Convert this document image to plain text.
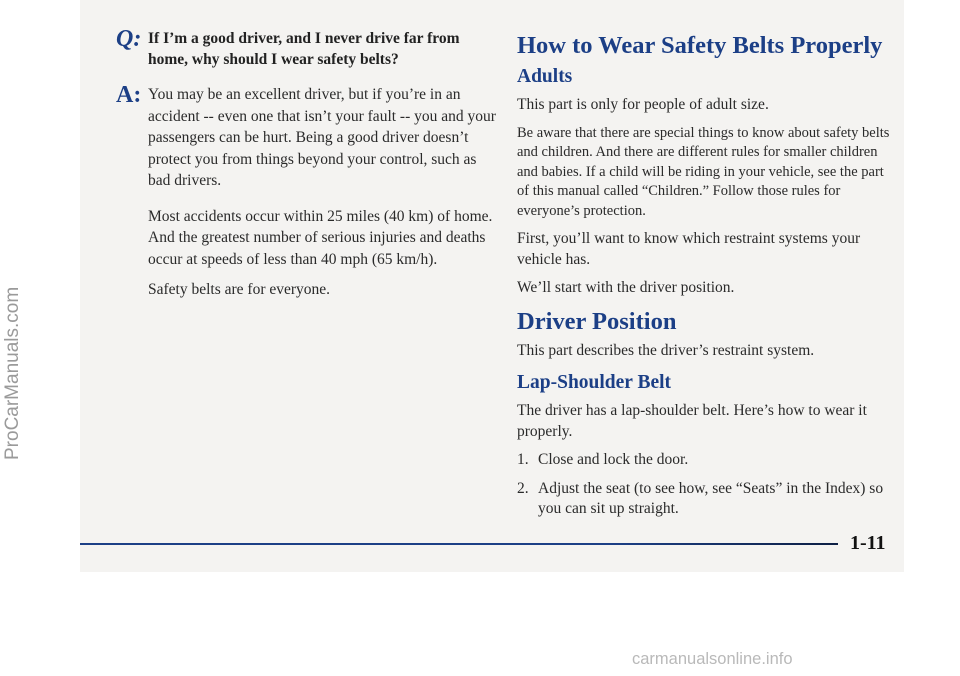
ProCarManuals.com
Q: If I’m a good driver, and I never drive far from home, why should I wear safety belts?

A: You may be an excellent driver, but if you’re in an accident -- even one that isn’t your fault -- you and your passengers can be hurt. Being a good driver doesn’t protect you from things beyond your control, such as bad drivers.

Most accidents occur within 25 miles (40 km) of home. And the greatest number of serious injuries and deaths occur at speeds of less than 40 mph (65 km/h).

Safety belts are for everyone.

How to Wear Safety Belts Properly
Adults

This part is only for people of adult size.

Be aware that there are special things to know about safety belts and children. And there are different rules for smaller children and babies. If a child will be riding in your vehicle, see the part of this manual called “Children.” Follow those rules for everyone’s protection.

First, you’ll want to know which restraint systems your vehicle has.

We’ll start with the driver position.

Driver Position

This part describes the driver’s restraint system.

Lap-Shoulder Belt

The driver has a lap-shoulder belt. Here’s how to wear it properly.

1. Close and lock the door.
2. Adjust the seat (to see how, see “Seats” in the Index) so you can sit up straight.
1-11
carmanualsonline.info
